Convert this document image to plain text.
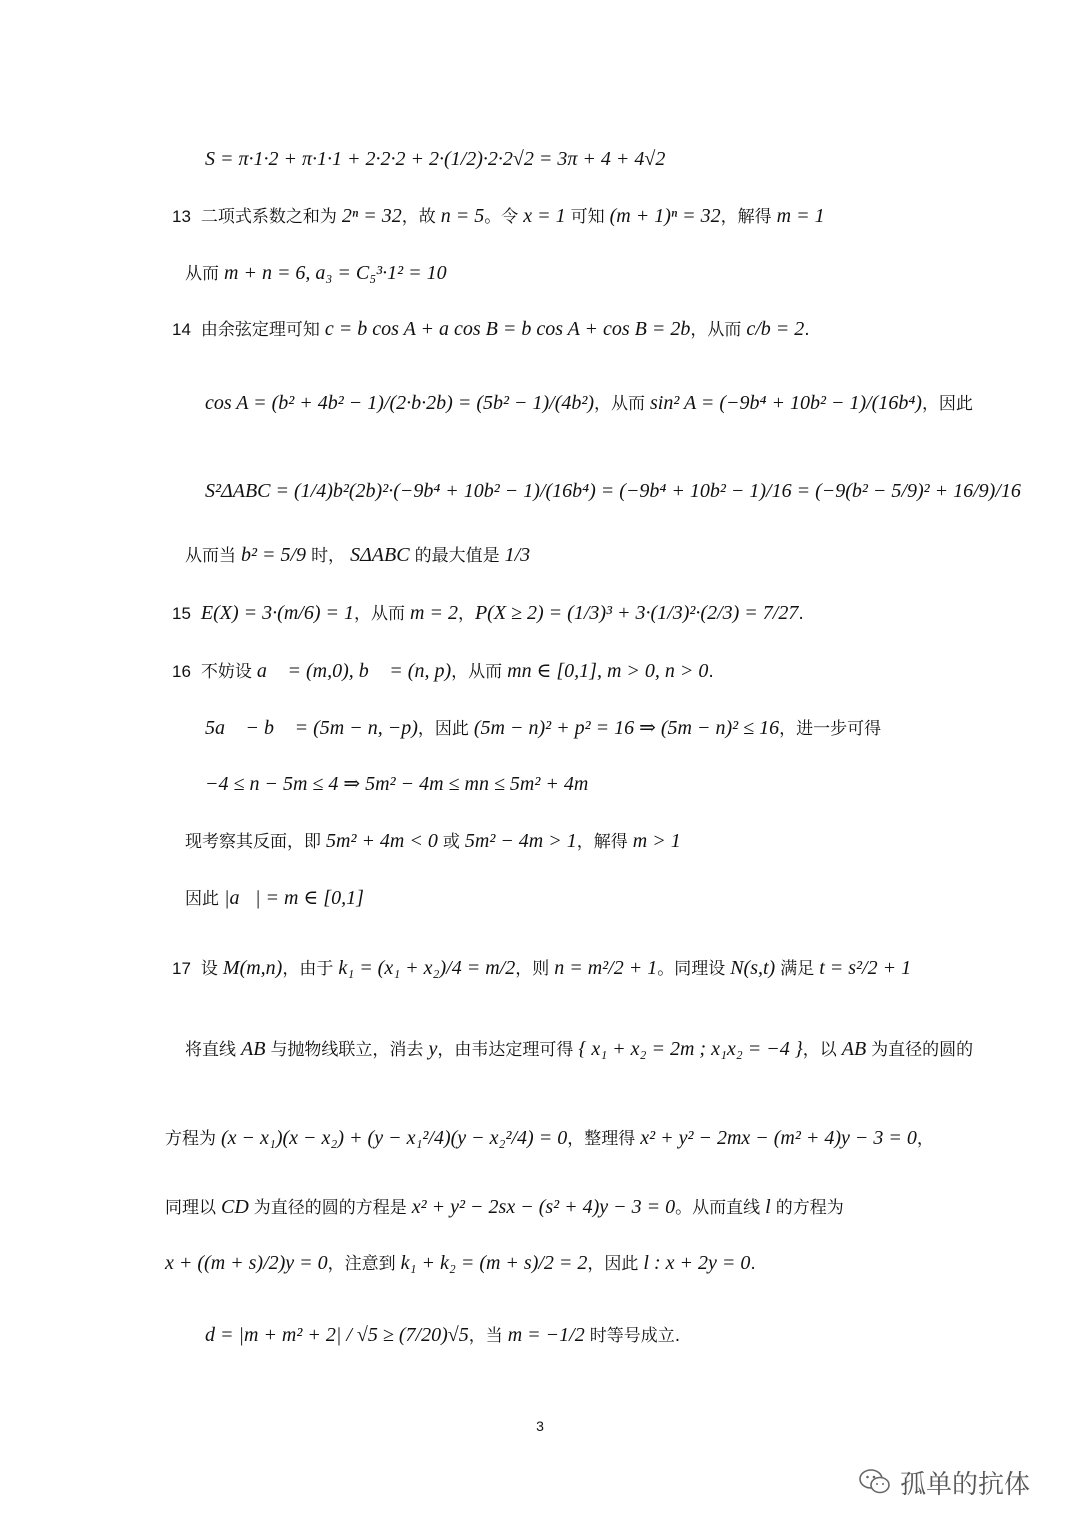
S = π·1·2 + π·1·1 + 2·2·2 + 2·(1/2)·2·2√2 = 3π + 4 + 4√2
13 二项式系数之和为 2ⁿ = 32，故 n = 5。令 x = 1 可知 (m + 1)ⁿ = 32，解得 m = 1
从而 m + n = 6, a₃ = C₅³·1² = 10
14 由余弦定理可知 c = b cos A + a cos B = b cos A + cos B = 2b，从而 c/b = 2.
cos A = (b² + 4b² − 1)/(2·b·2b) = (5b² − 1)/(4b²)，从而 sin² A = (−9b⁴ + 10b² − 1)/(16b⁴)，因此
S²ΔABC = (1/4)b²(2b)²·(−9b⁴ + 10b² − 1)/(16b⁴) = (−9b⁴ + 10b² − 1)/16 = (−9(b² − 5/9)² + 16/9)/16
从而当 b² = 5/9 时， SΔABC 的最大值是 1/3
15 E(X) = 3·(m/6) = 1，从而 m = 2，P(X ≥ 2) = (1/3)³ + 3·(1/3)²·(2/3) = 7/27.
16 不妨设 a⃗ = (m,0), b⃗ = (n, p)，从而 mn ∈ [0,1], m > 0, n > 0.
5a⃗ − b⃗ = (5m − n, −p)，因此 (5m − n)² + p² = 16 ⇒ (5m − n)² ≤ 16，进一步可得
−4 ≤ n − 5m ≤ 4 ⇒ 5m² − 4m ≤ mn ≤ 5m² + 4m
现考察其反面，即 5m² + 4m < 0 或 5m² − 4m > 1，解得 m > 1
因此 |a⃗| = m ∈ [0,1]
17 设 M(m,n)，由于 k₁ = (x₁ + x₂)/4 = m/2，则 n = m²/2 + 1。同理设 N(s,t) 满足 t = s²/2 + 1
将直线 AB 与抛物线联立，消去 y，由韦达定理可得 { x₁ + x₂ = 2m ; x₁x₂ = −4 }，以 AB 为直径的圆的
方程为 (x − x₁)(x − x₂) + (y − x₁²/4)(y − x₂²/4) = 0，整理得 x² + y² − 2mx − (m² + 4)y − 3 = 0，
同理以 CD 为直径的圆的方程是 x² + y² − 2sx − (s² + 4)y − 3 = 0。从而直线 l 的方程为
x + ((m + s)/2)y = 0，注意到 k₁ + k₂ = (m + s)/2 = 2，因此 l : x + 2y = 0.
d = |m + m² + 2| / √5 ≥ (7/20)√5，当 m = −1/2 时等号成立.
3
孤单的抗体
